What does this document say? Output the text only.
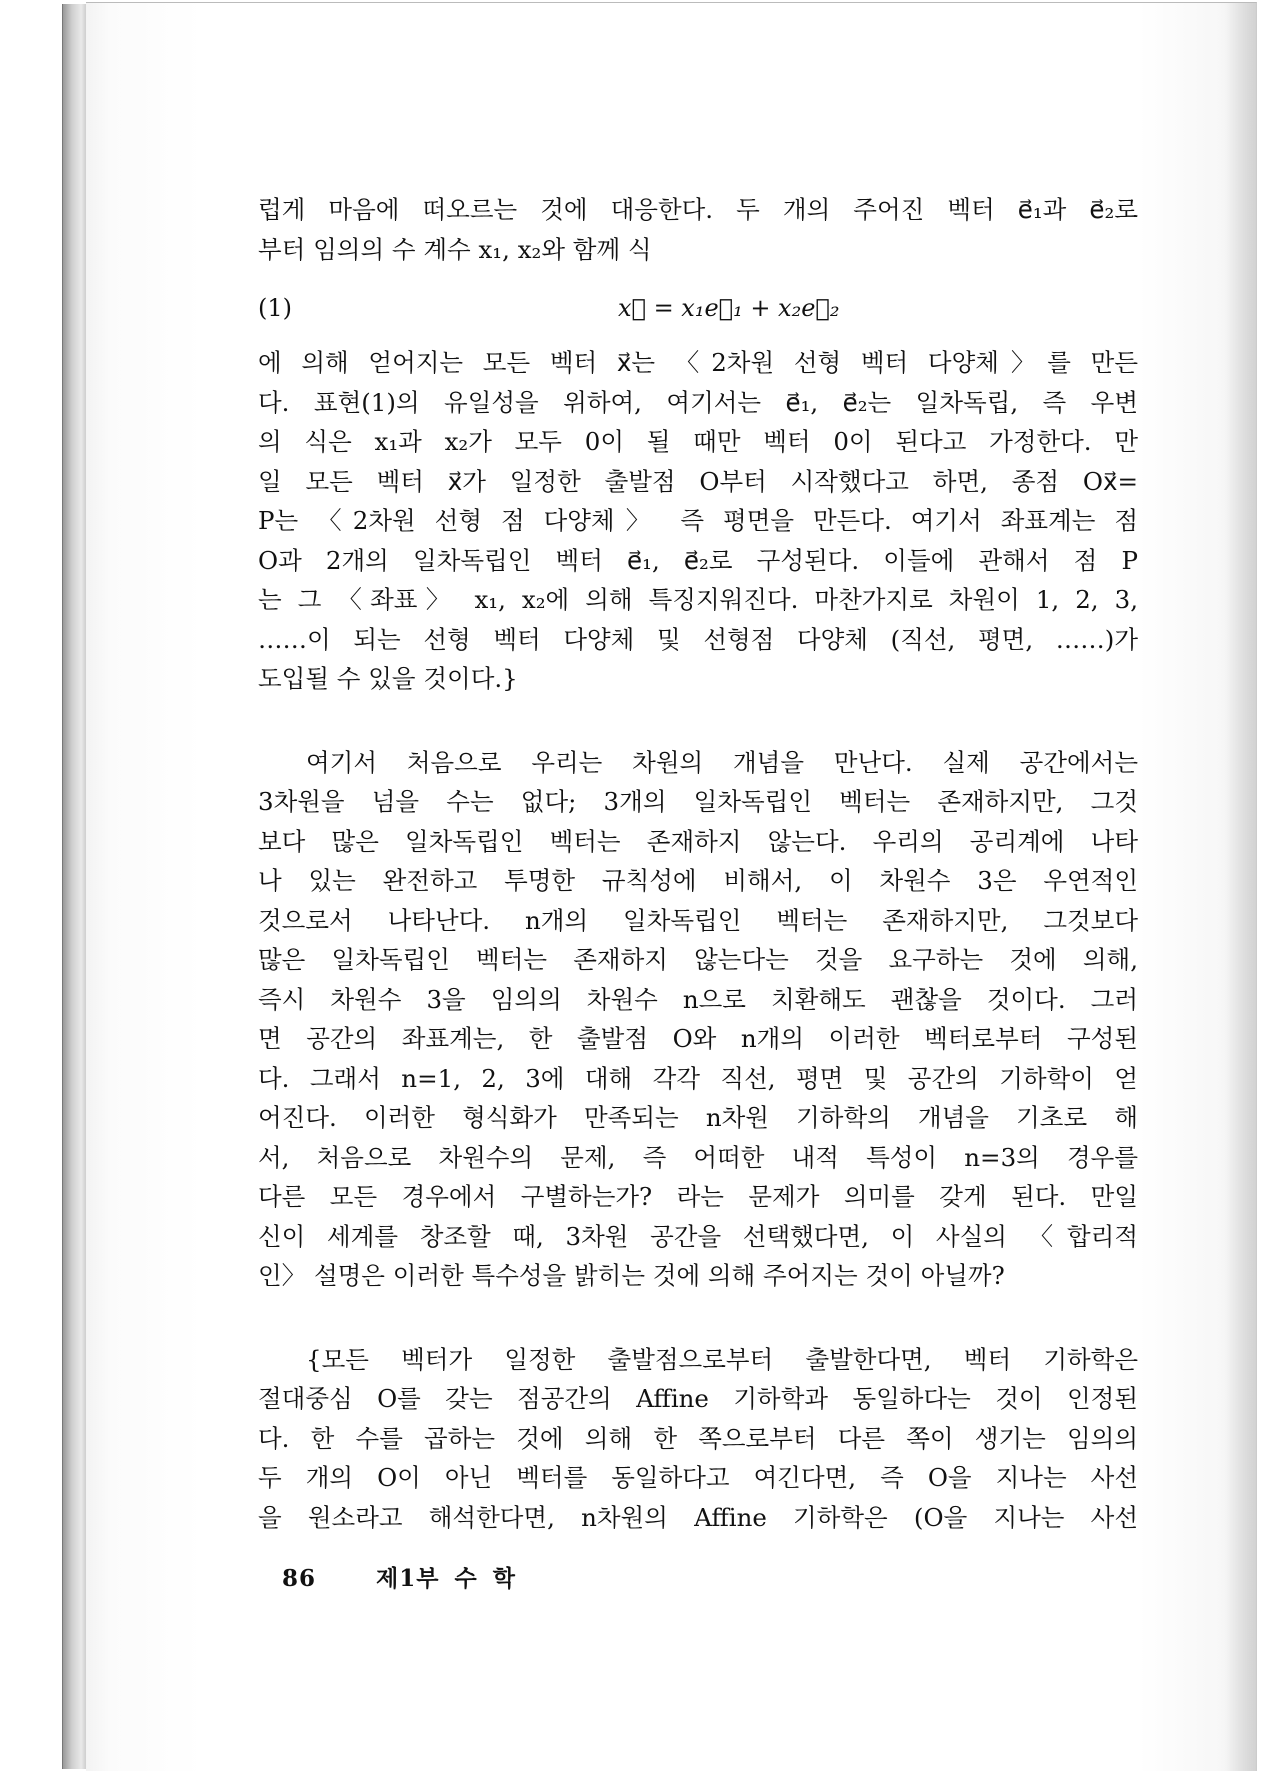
럽게 마음에 떠오르는 것에 대응한다. 두 개의 주어진 벡터 e⃗₁과 e⃗₂로
부터 임의의 수 계수 x₁, x₂와 함께 식
(1)	x⃗ = x₁e⃗₁ + x₂e⃗₂
에 의해 얻어지는 모든 벡터 x⃗는 〈2차원 선형 벡터 다양체〉를 만든
다. 표현(1)의 유일성을 위하여, 여기서는 e⃗₁, e⃗₂는 일차독립, 즉 우변
의 식은 x₁과 x₂가 모두 0이 될 때만 벡터 0이 된다고 가정한다. 만
일 모든 벡터 x⃗가 일정한 출발점 O부터 시작했다고 하면, 종점 Ox⃗=
P는 〈2차원 선형 점 다양체〉 즉 평면을 만든다. 여기서 좌표계는 점
O과 2개의 일차독립인 벡터 e⃗₁, e⃗₂로 구성된다. 이들에 관해서 점 P
는 그 〈좌표〉 x₁, x₂에 의해 특징지워진다. 마찬가지로 차원이 1, 2, 3,
……이 되는 선형 벡터 다양체 및 선형점 다양체 (직선, 평면, ……)가
도입될 수 있을 것이다.}
여기서 처음으로 우리는 차원의 개념을 만난다. 실제 공간에서는
3차원을 넘을 수는 없다; 3개의 일차독립인 벡터는 존재하지만, 그것
보다 많은 일차독립인 벡터는 존재하지 않는다. 우리의 공리계에 나타
나 있는 완전하고 투명한 규칙성에 비해서, 이 차원수 3은 우연적인
것으로서 나타난다. n개의 일차독립인 벡터는 존재하지만, 그것보다
많은 일차독립인 벡터는 존재하지 않는다는 것을 요구하는 것에 의해,
즉시 차원수 3을 임의의 차원수 n으로 치환해도 괜찮을 것이다. 그러
면 공간의 좌표계는, 한 출발점 O와 n개의 이러한 벡터로부터 구성된
다. 그래서 n=1, 2, 3에 대해 각각 직선, 평면 및 공간의 기하학이 얻
어진다. 이러한 형식화가 만족되는 n차원 기하학의 개념을 기초로 해
서, 처음으로 차원수의 문제, 즉 어떠한 내적 특성이 n=3의 경우를
다른 모든 경우에서 구별하는가? 라는 문제가 의미를 갖게 된다. 만일
신이 세계를 창조할 때, 3차원 공간을 선택했다면, 이 사실의 〈합리적
인〉 설명은 이러한 특수성을 밝히는 것에 의해 주어지는 것이 아닐까?
{모든 벡터가 일정한 출발점으로부터 출발한다면, 벡터 기하학은
절대중심 O를 갖는 점공간의 Affine 기하학과 동일하다는 것이 인정된
다. 한 수를 곱하는 것에 의해 한 쪽으로부터 다른 쪽이 생기는 임의의
두 개의 O이 아닌 벡터를 동일하다고 여긴다면, 즉 O을 지나는 사선
을 원소라고 해석한다면, n차원의 Affine 기하학은 (O을 지나는 사선
86	제1부 수 학
